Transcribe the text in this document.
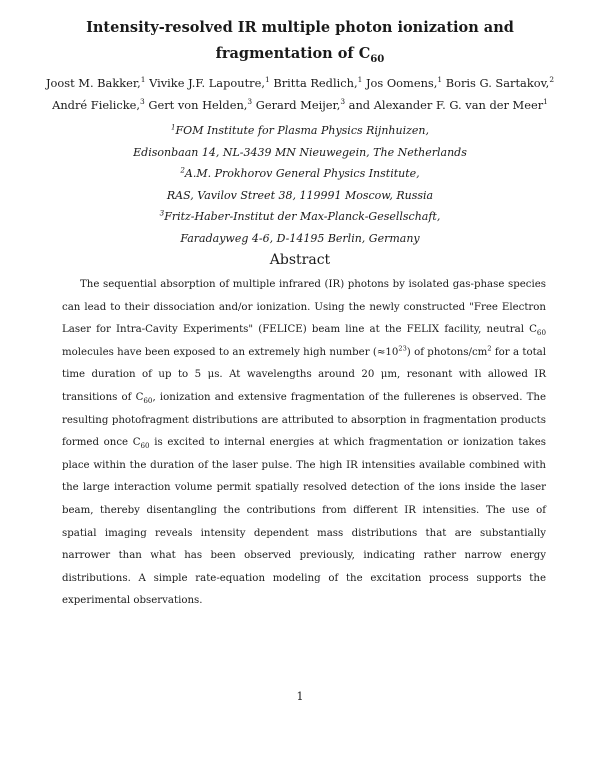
Intensity-resolved IR multiple photon ionization and
fragmentation of $C_{60}$
Joost M. Bakker,$^1$ Vivike J.F. Lapoutre,$^1$ Britta Redlich,$^1$ Jos Oomens,$^1$ Boris G. Sartakov,$^2$
André Fielicke,$^3$ Gert von Helden,$^3$ Gerard Meijer,$^3$ and Alexander F. G. van der Meer$^1$
$^1$FOM Institute for Plasma Physics Rijnhuizen,
Edisonbaan 14, NL-3439 MN Nieuwegein, The Netherlands
$^2$A.M. Prokhorov General Physics Institute,
RAS, Vavilov Street 38, 119991 Moscow, Russia
$^3$Fritz-Haber-Institut der Max-Planck-Gesellschaft,
Faradayweg 4-6, D-14195 Berlin, Germany
Abstract

The sequential absorption of multiple infrared (IR) photons by isolated gas-phase species can lead to their dissociation and/or ionization. Using the newly constructed "Free Electron Laser for Intra-Cavity Experiments" (FELICE) beam line at the FELIX facility, neutral $C_{60}$ molecules have been exposed to an extremely high number $(\approx 10^{23})$ of photons/$cm^2$ for a total time duration of up to 5 μs. At wavelengths around 20 μm, resonant with allowed IR transitions of $C_{60}$, ionization and extensive fragmentation of the fullerenes is observed. The resulting photofragment distributions are attributed to absorption in fragmentation products formed once $C_{60}$ is excited to internal energies at which fragmentation or ionization takes place within the duration of the laser pulse. The high IR intensities available combined with the large interaction volume permit spatially resolved detection of the ions inside the laser beam, thereby disentangling the contributions from different IR intensities. The use of spatial imaging reveals intensity dependent mass distributions that are substantially narrower than what has been observed previously, indicating rather narrow energy distributions. A simple rate-equation modeling of the excitation process supports the experimental observations.

1
